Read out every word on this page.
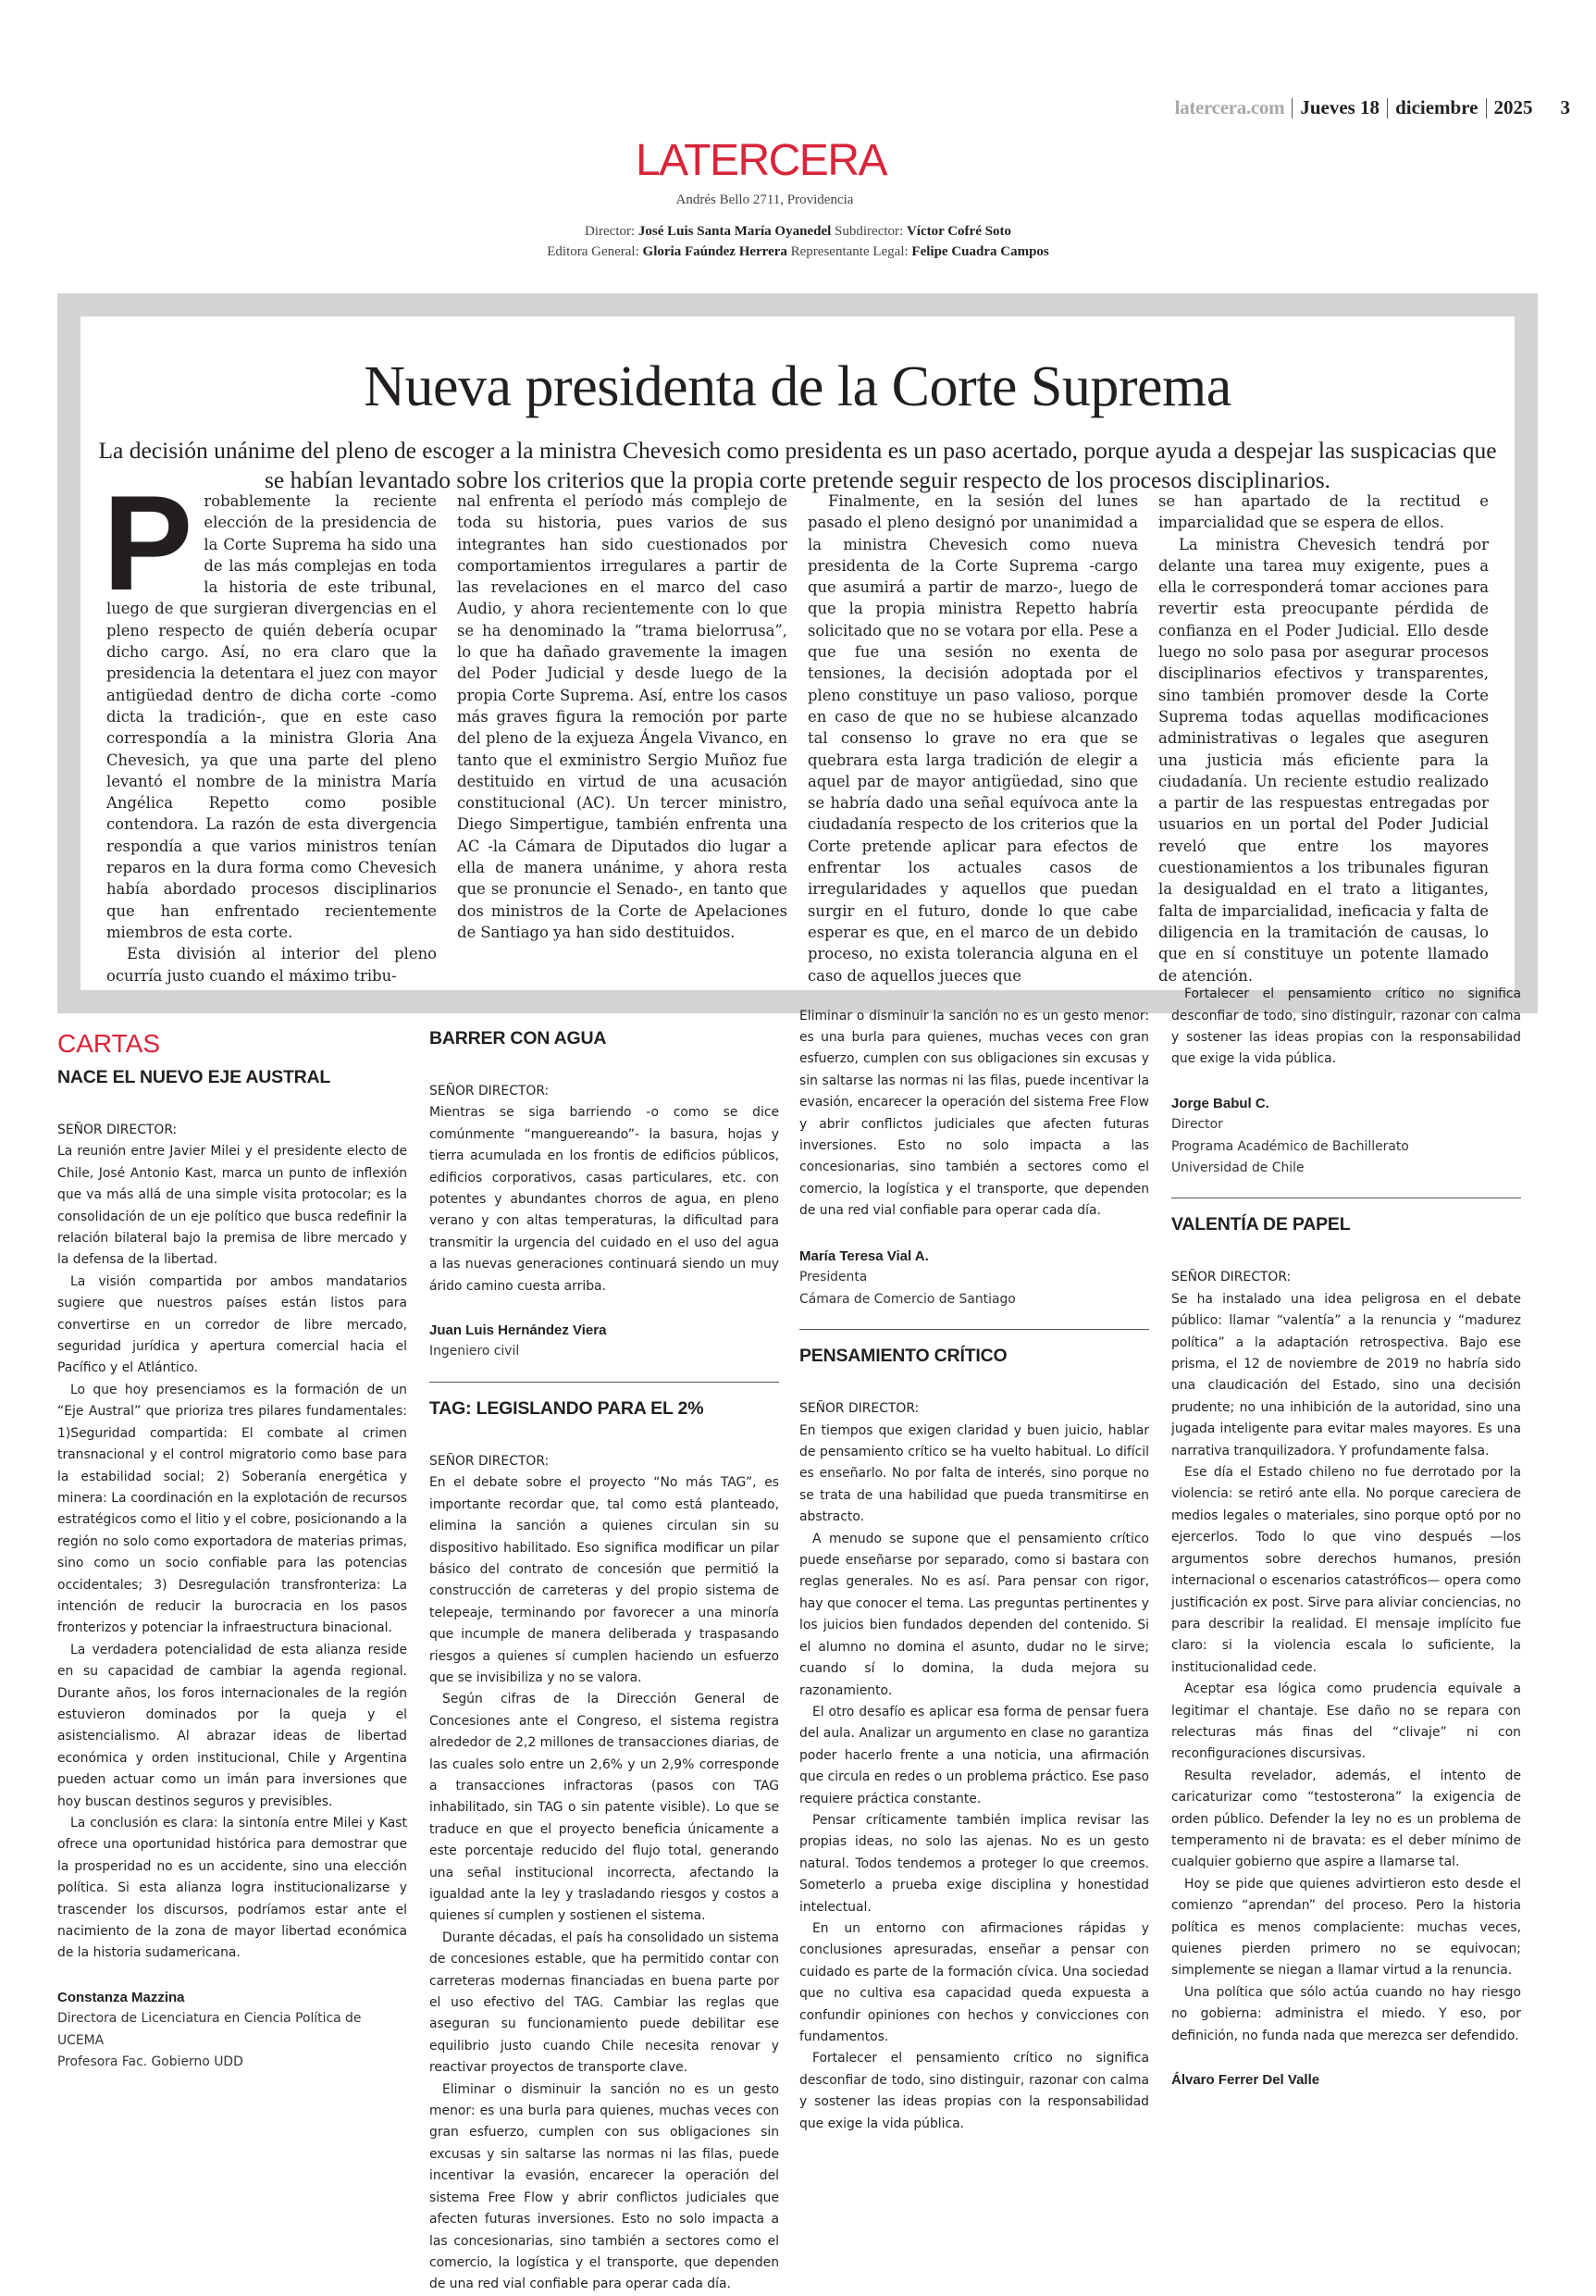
latercera.com Jueves 18 diciembre 2025 3
LATERCERA
Andrés Bello 2711, Providencia
Director: José Luis Santa María Oyanedel Subdirector: Víctor Cofré Soto
Editora General: Gloria Faúndez Herrera Representante Legal: Felipe Cuadra Campos
Nueva presidenta de la Corte Suprema
La decisión unánime del pleno de escoger a la ministra Chevesich como presidenta es un paso acertado, porque ayuda a despejar las suspicacias que se habían levantado sobre los criterios que la propia corte pretende seguir respecto de los procesos disciplinarios.

Probablemente la reciente elección de la presidencia de la Corte Suprema ha sido una de las más complejas en toda la historia de este tribunal, luego de que surgieran divergencias en el pleno respecto de quién debería ocupar dicho cargo. Así, no era claro que la presidencia la detentara el juez con mayor antigüedad dentro de dicha corte -como dicta la tradición-, que en este caso correspondía a la ministra Gloria Ana Chevesich, ya que una parte del pleno levantó el nombre de la ministra María Angélica Repetto como posible contendora. La razón de esta divergencia respondía a que varios ministros tenían reparos en la dura forma como Chevesich había abordado procesos disciplinarios que han enfrentado recientemente miembros de esta corte.

Esta división al interior del pleno ocurría justo cuando el máximo tribu-

nal enfrenta el período más complejo de toda su historia, pues varios de sus integrantes han sido cuestionados por comportamientos irregulares a partir de las revelaciones en el marco del caso Audio, y ahora recientemente con lo que se ha denominado la “trama bielorrusa”, lo que ha dañado gravemente la imagen del Poder Judicial y desde luego de la propia Corte Suprema. Así, entre los casos más graves figura la remoción por parte del pleno de la exjueza Ángela Vivanco, en tanto que el exministro Sergio Muñoz fue destituido en virtud de una acusación constitucional (AC). Un tercer ministro, Diego Simpertigue, también enfrenta una AC -la Cámara de Diputados dio lugar a ella de manera unánime, y ahora resta que se pronuncie el Senado-, en tanto que dos ministros de la Corte de Apelaciones de Santiago ya han sido destituidos.

Finalmente, en la sesión del lunes pasado el pleno designó por unanimidad a la ministra Chevesich como nueva presidenta de la Corte Suprema -cargo que asumirá a partir de marzo-, luego de que la propia ministra Repetto habría solicitado que no se votara por ella. Pese a que fue una sesión no exenta de tensiones, la decisión adoptada por el pleno constituye un paso valioso, porque en caso de que no se hubiese alcanzado tal consenso lo grave no era que se quebrara esta larga tradición de elegir a aquel par de mayor antigüedad, sino que se habría dado una señal equívoca ante la ciudadanía respecto de los criterios que la Corte pretende aplicar para efectos de enfrentar los actuales casos de irregularidades y aquellos que puedan surgir en el futuro, donde lo que cabe esperar es que, en el marco de un debido proceso, no exista tolerancia alguna en el caso de aquellos jueces que

se han apartado de la rectitud e imparcialidad que se espera de ellos.

La ministra Chevesich tendrá por delante una tarea muy exigente, pues a ella le corresponderá tomar acciones para revertir esta preocupante pérdida de confianza en el Poder Judicial. Ello desde luego no solo pasa por asegurar procesos disciplinarios efectivos y transparentes, sino también promover desde la Corte Suprema todas aquellas modificaciones administrativas o legales que aseguren una justicia más eficiente para la ciudadanía. Un reciente estudio realizado a partir de las respuestas entregadas por usuarios en un portal del Poder Judicial reveló que entre los mayores cuestionamientos a los tribunales figuran la desigualdad en el trato a litigantes, falta de imparcialidad, ineficacia y falta de diligencia en la tramitación de causas, lo que en sí constituye un potente llamado de atención.

CARTAS
NACE EL NUEVO EJE AUSTRAL
SEÑOR DIRECTOR:

La reunión entre Javier Milei y el presidente electo de Chile, José Antonio Kast, marca un punto de inflexión que va más allá de una simple visita protocolar; es la consolidación de un eje político que busca redefinir la relación bilateral bajo la premisa de libre mercado y la defensa de la libertad.

La visión compartida por ambos mandatarios sugiere que nuestros países están listos para convertirse en un corredor de libre mercado, seguridad jurídica y apertura comercial hacia el Pacífico y el Atlántico.

Lo que hoy presenciamos es la formación de un “Eje Austral” que prioriza tres pilares fundamentales: 1)Seguridad compartida: El combate al crimen transnacional y el control migratorio como base para la estabilidad social; 2) Soberanía energética y minera: La coordinación en la explotación de recursos estratégicos como el litio y el cobre, posicionando a la región no solo como exportadora de materias primas, sino como un socio confiable para las potencias occidentales; 3) Desregulación transfronteriza: La intención de reducir la burocracia en los pasos fronterizos y potenciar la infraestructura binacional.

La verdadera potencialidad de esta alianza reside en su capacidad de cambiar la agenda regional. Durante años, los foros internacionales de la región estuvieron dominados por la queja y el asistencialismo. Al abrazar ideas de libertad económica y orden institucional, Chile y Argentina pueden actuar como un imán para inversiones que hoy buscan destinos seguros y previsibles.

La conclusión es clara: la sintonía entre Milei y Kast ofrece una oportunidad histórica para demostrar que la prosperidad no es un accidente, sino una elección política. Si esta alianza logra institucionalizarse y trascender los discursos, podríamos estar ante el nacimiento de la zona de mayor libertad económica de la historia sudamericana.

Constanza Mazzina
Directora de Licenciatura en Ciencia Política de UCEMA
Profesora Fac. Gobierno UDD
BARRER CON AGUA
SEÑOR DIRECTOR:

Mientras se siga barriendo -o como se dice comúnmente “manguereando”- la basura, hojas y tierra acumulada en los frontis de edificios públicos, edificios corporativos, casas particulares, etc. con potentes y abundantes chorros de agua, en pleno verano y con altas temperaturas, la dificultad para transmitir la urgencia del cuidado en el uso del agua a las nuevas generaciones continuará siendo un muy árido camino cuesta arriba.

Juan Luis Hernández Viera
Ingeniero civil
TAG: LEGISLANDO PARA EL 2%
SEÑOR DIRECTOR:

En el debate sobre el proyecto “No más TAG”, es importante recordar que, tal como está planteado, elimina la sanción a quienes circulan sin su dispositivo habilitado. Eso significa modificar un pilar básico del contrato de concesión que permitió la construcción de carreteras y del propio sistema de telepeaje, terminando por favorecer a una minoría que incumple de manera deliberada y traspasando riesgos a quienes sí cumplen haciendo un esfuerzo que se invisibiliza y no se valora.

Según cifras de la Dirección General de Concesiones ante el Congreso, el sistema registra alrededor de 2,2 millones de transacciones diarias, de las cuales solo entre un 2,6% y un 2,9% corresponde a transacciones infractoras (pasos con TAG inhabilitado, sin TAG o sin patente visible). Lo que se traduce en que el proyecto beneficia únicamente a este porcentaje reducido del flujo total, generando una señal institucional incorrecta, afectando la igualdad ante la ley y trasladando riesgos y costos a quienes sí cumplen y sostienen el sistema.

Durante décadas, el país ha consolidado un sistema de concesiones estable, que ha permitido contar con carreteras modernas financiadas en buena parte por el uso efectivo del TAG. Cambiar las reglas que aseguran su funcionamiento puede debilitar ese equilibrio justo cuando Chile necesita renovar y reactivar proyectos de transporte clave.

Eliminar o disminuir la sanción no es un gesto menor: es una burla para quienes, muchas veces con gran esfuerzo, cumplen con sus obligaciones sin excusas y sin saltarse las normas ni las filas, puede incentivar la evasión, encarecer la operación del sistema Free Flow y abrir conflictos judiciales que afecten futuras inversiones. Esto no solo impacta a las concesionarias, sino también a sectores como el comercio, la logística y el transporte, que dependen de una red vial confiable para operar cada día.

Eliminar o disminuir la sanción no es un gesto menor: es una burla para quienes, muchas veces con gran esfuerzo, cumplen con sus obligaciones sin excusas y sin saltarse las normas ni las filas, puede incentivar la evasión, encarecer la operación del sistema Free Flow y abrir conflictos judiciales que afecten futuras inversiones. Esto no solo impacta a las concesionarias, sino también a sectores como el comercio, la logística y el transporte, que dependen de una red vial confiable para operar cada día.

María Teresa Vial A.
Presidenta
Cámara de Comercio de Santiago
PENSAMIENTO CRÍTICO
SEÑOR DIRECTOR:

En tiempos que exigen claridad y buen juicio, hablar de pensamiento crítico se ha vuelto habitual. Lo difícil es enseñarlo. No por falta de interés, sino porque no se trata de una habilidad que pueda transmitirse en abstracto.

A menudo se supone que el pensamiento crítico puede enseñarse por separado, como si bastara con reglas generales. No es así. Para pensar con rigor, hay que conocer el tema. Las preguntas pertinentes y los juicios bien fundados dependen del contenido. Si el alumno no domina el asunto, dudar no le sirve; cuando sí lo domina, la duda mejora su razonamiento.

El otro desafío es aplicar esa forma de pensar fuera del aula. Analizar un argumento en clase no garantiza poder hacerlo frente a una noticia, una afirmación que circula en redes o un problema práctico. Ese paso requiere práctica constante.

Pensar críticamente también implica revisar las propias ideas, no solo las ajenas. No es un gesto natural. Todos tendemos a proteger lo que creemos. Someterlo a prueba exige disciplina y honestidad intelectual.

En un entorno con afirmaciones rápidas y conclusiones apresuradas, enseñar a pensar con cuidado es parte de la formación cívica. Una sociedad que no cultiva esa capacidad queda expuesta a confundir opiniones con hechos y convicciones con fundamentos.

Fortalecer el pensamiento crítico no significa desconfiar de todo, sino distinguir, razonar con calma y sostener las ideas propias con la responsabilidad que exige la vida pública.

Fortalecer el pensamiento crítico no significa desconfiar de todo, sino distinguir, razonar con calma y sostener las ideas propias con la responsabilidad que exige la vida pública.

Jorge Babul C.
Director
Programa Académico de Bachillerato
Universidad de Chile
VALENTÍA DE PAPEL
SEÑOR DIRECTOR:

Se ha instalado una idea peligrosa en el debate público: llamar “valentía” a la renuncia y “madurez política” a la adaptación retrospectiva. Bajo ese prisma, el 12 de noviembre de 2019 no habría sido una claudicación del Estado, sino una decisión prudente; no una inhibición de la autoridad, sino una jugada inteligente para evitar males mayores. Es una narrativa tranquilizadora. Y profundamente falsa.

Ese día el Estado chileno no fue derrotado por la violencia: se retiró ante ella. No porque careciera de medios legales o materiales, sino porque optó por no ejercerlos. Todo lo que vino después —los argumentos sobre derechos humanos, presión internacional o escenarios catastróficos— opera como justificación ex post. Sirve para aliviar conciencias, no para describir la realidad. El mensaje implícito fue claro: si la violencia escala lo suficiente, la institucionalidad cede.

Aceptar esa lógica como prudencia equivale a legitimar el chantaje. Ese daño no se repara con relecturas más finas del “clivaje” ni con reconfiguraciones discursivas.

Resulta revelador, además, el intento de caricaturizar como “testosterona” la exigencia de orden público. Defender la ley no es un problema de temperamento ni de bravata: es el deber mínimo de cualquier gobierno que aspire a llamarse tal.

Hoy se pide que quienes advirtieron esto desde el comienzo “aprendan” del proceso. Pero la historia política es menos complaciente: muchas veces, quienes pierden primero no se equivocan; simplemente se niegan a llamar virtud a la renuncia.

Una política que sólo actúa cuando no hay riesgo no gobierna: administra el miedo. Y eso, por definición, no funda nada que merezca ser defendido.

Álvaro Ferrer Del Valle
